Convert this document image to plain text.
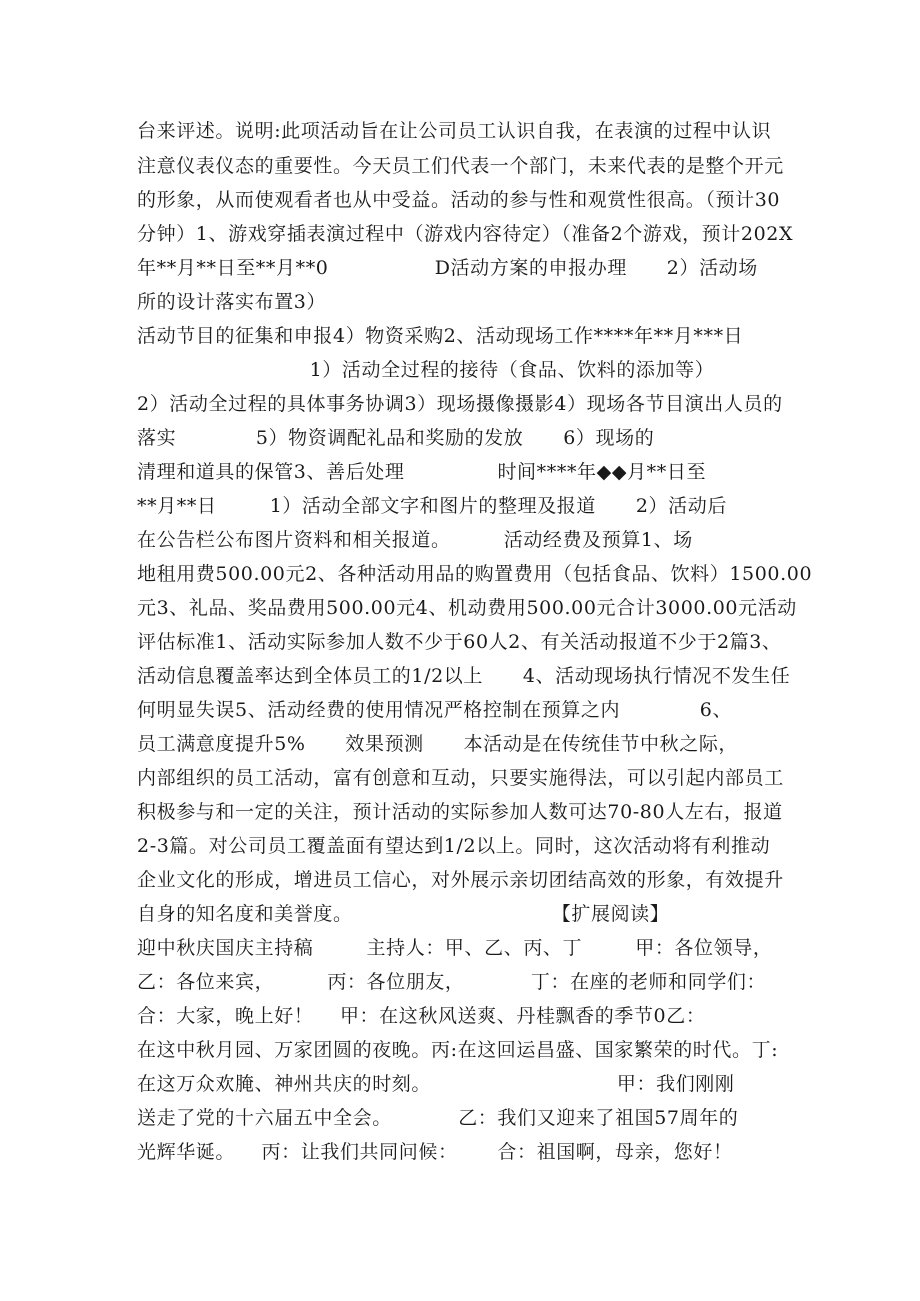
台来评述。说明:此项活动旨在让公司员工认识自我，在表演的过程中认识
注意仪表仪态的重要性。今天员工们代表一个部门，未来代表的是整个开元
的形象，从而使观看者也从中受益。活动的参与性和观赏性很高。（预计30
分钟）1、游戏穿插表演过程中（游戏内容待定）（准备2个游戏，预计202X
年**月**日至**月**0                D活动方案的申报办理      2）活动场
所的设计落实布置3）
活动节目的征集和申报4）物资采购2、活动现场工作****年**月***日
1）活动全过程的接待（食品、饮料的添加等）
2）活动全过程的具体事务协调3）现场摄像摄影4）现场各节目演出人员的
落实            5）物资调配礼品和奖励的发放      6）现场的
清理和道具的保管3、善后处理              时间****年◆◆月**日至
**月**日        1）活动全部文字和图片的整理及报道      2）活动后
在公告栏公布图片资料和相关报道。        活动经费及预算1、场
地租用费500.00元2、各种活动用品的购置费用（包括食品、饮料）1500.00
元3、礼品、奖品费用500.00元4、机动费用500.00元合计3000.00元活动
评估标准1、活动实际参加人数不少于60人2、有关活动报道不少于2篇3、
活动信息覆盖率达到全体员工的1/2以上      4、活动现场执行情况不发生任
何明显失误5、活动经费的使用情况严格控制在预算之内            6、
员工满意度提升5%      效果预测      本活动是在传统佳节中秋之际，
内部组织的员工活动，富有创意和互动，只要实施得法，可以引起内部员工
积极参与和一定的关注，预计活动的实际参加人数可达70-80人左右，报道
2-3篇。对公司员工覆盖面有望达到1/2以上。同时，这次活动将有利推动
企业文化的形成，增进员工信心，对外展示亲切团结高效的形象，有效提升
自身的知名度和美誉度。                              【扩展阅读】
迎中秋庆国庆主持稿        主持人：甲、乙、丙、丁        甲：各位领导，
乙：各位来宾，        丙：各位朋友，          丁：在座的老师和同学们：
合：大家，晚上好！    甲：在这秋风送爽、丹桂飘香的季节0乙：
在这中秋月园、万家团圆的夜晚。丙:在这回运昌盛、国家繁荣的时代。丁:
在这万众欢腌、神州共庆的时刻。                            甲：我们刚刚
送走了党的十六届五中全会。          乙：我们又迎来了祖国57周年的
光辉华诞。    丙：让我们共同问候：      合：祖国啊，母亲，您好！
